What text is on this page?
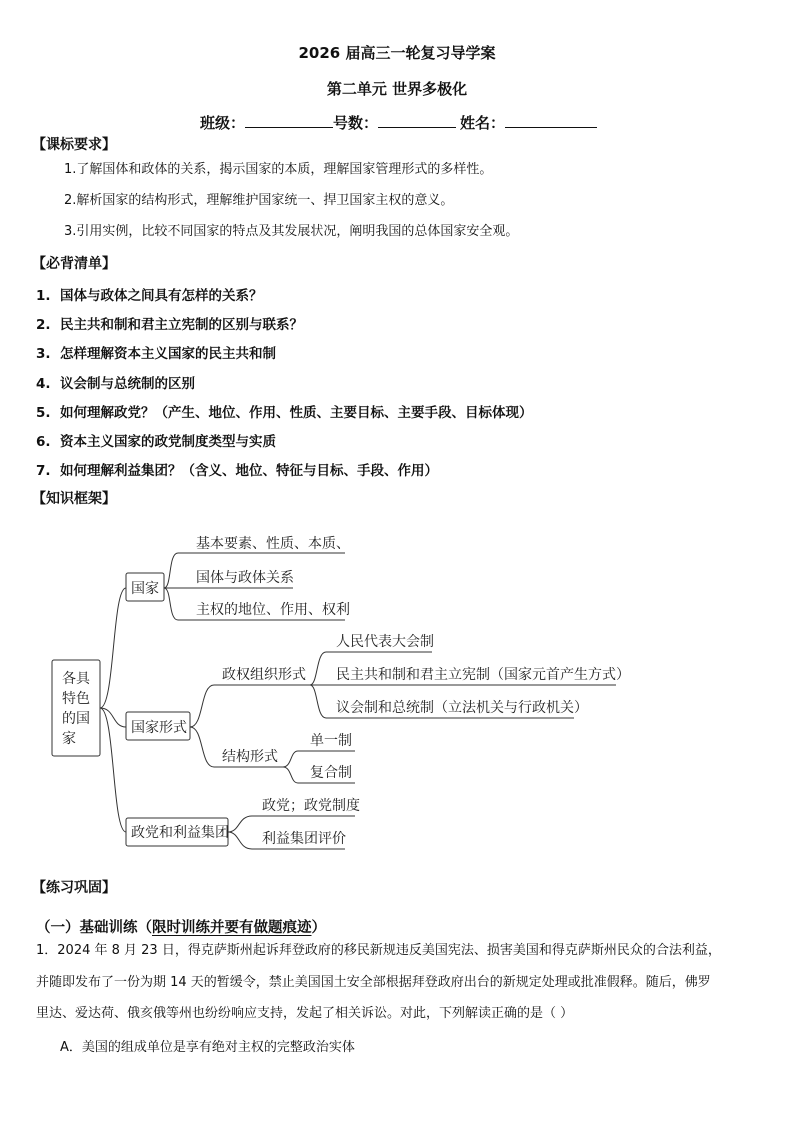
2026 届高三一轮复习导学案
第二单元 世界多极化
班级：	号数：	姓名：
【课标要求】
1.了解国体和政体的关系，揭示国家的本质，理解国家管理形式的多样性。
2.解析国家的结构形式，理解维护国家统一、捍卫国家主权的意义。
3.引用实例，比较不同国家的特点及其发展状况，阐明我国的总体国家安全观。
【必背清单】
1. 国体与政体之间具有怎样的关系？
2. 民主共和制和君主立宪制的区别与联系？
3. 怎样理解资本主义国家的民主共和制
4. 议会制与总统制的区别
5. 如何理解政党？（产生、地位、作用、性质、主要目标、主要手段、目标体现）
6. 资本主义国家的政党制度类型与实质
7. 如何理解利益集团？（含义、地位、特征与目标、手段、作用）
【知识框架】
各具
特色
的国
家
国家
国家形式
政党和利益集团
基本要素、性质、本质、
国体与政体关系
主权的地位、作用、权利
政权组织形式
结构形式
人民代表大会制
民主共和制和君主立宪制（国家元首产生方式）
议会制和总统制（立法机关与行政机关）
单一制
复合制
政党；政党制度
利益集团评价
【练习巩固】
（一）基础训练（限时训练并要有做题痕迹）
1．2024 年 8 月 23 日，得克萨斯州起诉拜登政府的移民新规违反美国宪法、损害美国和得克萨斯州民众的合法利益，
并随即发布了一份为期 14 天的暂缓令，禁止美国国土安全部根据拜登政府出台的新规定处理或批准假释。随后，佛罗
里达、爱达荷、俄亥俄等州也纷纷响应支持，发起了相关诉讼。对此，下列解读正确的是（ ）
A．美国的组成单位是享有绝对主权的完整政治实体
